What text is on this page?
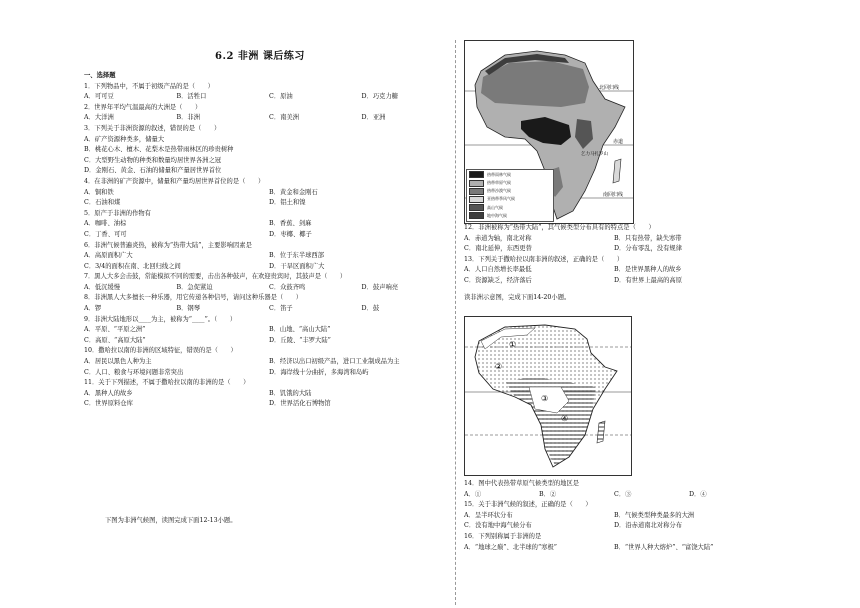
6.2 非洲 课后练习
一、选择题
1．下列物品中，不属于初级产品的是（　　）
A．可可豆	B．活牲口	C．原油	D．巧克力糖
2．世界年平均气温最高的大洲是（　　）
A．大洋洲	B．非洲	C．南美洲	D．亚洲
3．下列关于非洲资源的叙述，错误的是（　　）
A．矿产资源种类多，储量大
B．桃花心木、檀木、花梨木是热带雨林区的珍贵树种
C．大型野生动物的种类和数量均居世界各洲之冠
D．金刚石、黄金、石油的储量和产量居世界首位
4．在非洲的矿产资源中，储量和产量均居世界首位的是（　　）
A．铜和铁	B．黄金和金刚石
C．石油和煤	D．铝土和镍
5．原产于非洲的作物有
A．咖啡、油棕	B．香蕉、剑麻
C．丁香、可可	D．枣椰、椰子
6．非洲气候普遍炎热，被称为“热带大陆”，主要影响因素是
A．高原面积广大	B．位于东半球西部
C．3/4的面积在南、北回归线之间	D．干旱区面积广大
7．黑人大多会击鼓，常能模拟不同的需要，击出各种鼓声，在欢迎贵宾时，其鼓声是（　　）
A．低沉缓慢	B．急促紧迫	C．众鼓齐鸣	D．鼓声响亮
8．非洲黑人大多擅长一种乐器，用它传递各种信号，请问这种乐器是（　　）
A．锣	B．钢琴	C．笛子	D．鼓
9．非洲大陆地形以____为主，被称为“____”。（　　）
A．平原、“平原之洲”	B．山地、“高山大陆”
C．高原、“高原大陆”	D．丘陵、“丰罗大陆”
10．撒哈拉以南的非洲的区域特征，错误的是（　　）
A．居民以黑色人种为主	B．经济以出口初级产品，进口工业制成品为主
C．人口、粮食与环境问题非常突出	D．海岸线十分曲折，多海湾和岛屿
11．关于下列描述，不属于撒哈拉以南的非洲的是（　　）
A．黑种人的故乡	B．饥饿的大陆
C．世界原料仓库	D．世界活化石博物馆
下图为非洲气候图，读图完成下面12-13小题。
北回归线
赤道
乞力马扎罗山
南回归线
热带雨林气候
热带草原气候
热带沙漠气候
亚热带季风气候
高山气候
地中海气候
12．非洲被称为“热带大陆”，其气候类型分布具有的特点是（　　）
A．赤道为轴，南北对称	B．只有热带，缺失寒带
C．南北延伸，东西更替	D．分布零乱，没有规律
13．下列关于撒哈拉以南非洲的叙述，正确的是（　　）
A．人口自然增长率最低	B．是世界黑种人的故乡
C．资源缺乏，经济落后	D．有世界上最高的高原
读非洲示意图，完成下面14-20小题。
①
②
③
④
14．图中代表热带草原气候类型的地区是
A．①	B．②	C．③	D．④
15．关于非洲气候的叙述，正确的是（　　）
A．呈半环状分布	B．气候类型种类最多的大洲
C．没有地中海气候分布	D．沿赤道南北对称分布
16．下列别称属于非洲的是
A．“地球之巅”、北半球的“寒极”	B．“世界人种大熔炉”、“富饶大陆”
